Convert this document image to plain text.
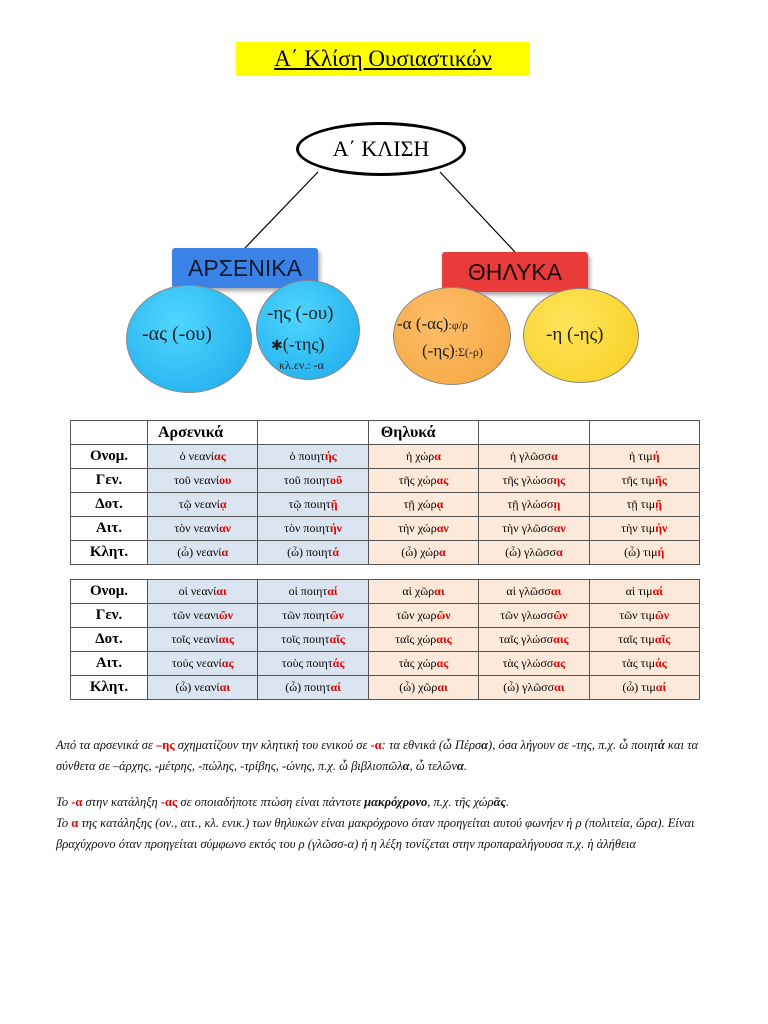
Α΄ Κλίση Ουσιαστικών
Α΄ ΚΛΙΣΗ
ΑΡΣΕΝΙΚΑ	ΘΗΛΥΚΑ
-ας (-ου)
-ης (-ου)
✱(-της)
κλ.εν.: -α
-α (-ας):φ/ρ
(-ης):Σ(-ρ)
-η (-ης)
	Αρσενικά		Θηλυκά		
Ονομ.	ὁ νεανίας	ὁ ποιητής	ἡ χώρα	ἡ γλῶσσα	ἡ τιμή
Γεν.	τοῦ νεανίου	τοῦ ποιητοῦ	τῆς χώρας	τῆς γλώσσης	τῆς τιμῆς
Δοτ.	τῷ νεανίᾳ	τῷ ποιητῇ	τῇ χώρᾳ	τῇ γλώσσῃ	τῇ τιμῇ
Αιτ.	τὸν νεανίαν	τὸν ποιητήν	τὴν χώραν	τὴν γλῶσσαν	τὴν τιμήν
Κλητ.	(ὦ) νεανία	(ὦ) ποιητά	(ὦ) χώρα	(ὦ) γλῶσσα	(ὦ) τιμή
Ονομ.	οἱ νεανίαι	οἱ ποιηταί	αἱ χῶραι	αἱ γλῶσσαι	αἱ τιμαί
Γεν.	τῶν νεανιῶν	τῶν ποιητῶν	τῶν χωρῶν	τῶν γλωσσῶν	τῶν τιμῶν
Δοτ.	τοῖς νεανίαις	τοῖς ποιηταῖς	ταῖς χώραις	ταῖς γλώσσαις	ταῖς τιμαῖς
Αιτ.	τούς νεανίας	τοὺς ποιητάς	τὰς χώρας	τὰς γλώσσας	τὰς τιμάς
Κλητ.	(ὦ) νεανίαι	(ὦ) ποιηταί	(ὦ) χῶραι	(ὦ) γλῶσσαι	(ὦ) τιμαί

Από τα αρσενικά σε –ης σχηματίζουν την κλητική του ενικού σε -α: τα εθνικά (ὦ Πέρσα), όσα λήγουν σε -της, π.χ. ὦ ποιητά και τα σύνθετα σε –άρχης, -μέτρης, -πώλης, -τρίβης, -ώνης, π.χ. ὦ βιβλιοπῶλα, ὦ τελῶνα.

Το -α στην κατάληξη -ας σε οποιαδήποτε πτώση είναι πάντοτε μακρόχρονο, π.χ. τῆς χώρᾱς.

Το α της κατάληξης (ον., αιτ., κλ. ενικ.) των θηλυκών είναι μακρόχρονο όταν προηγείται αυτού φωνήεν ή ρ (πολιτεία, ὥρα). Είναι βραχύχρονο όταν προηγείται σύμφωνο εκτός του ρ (γλῶσσ-α) ή η λέξη τονίζεται στην προπαραλήγουσα π.χ. ἡ ἀλήθεια
